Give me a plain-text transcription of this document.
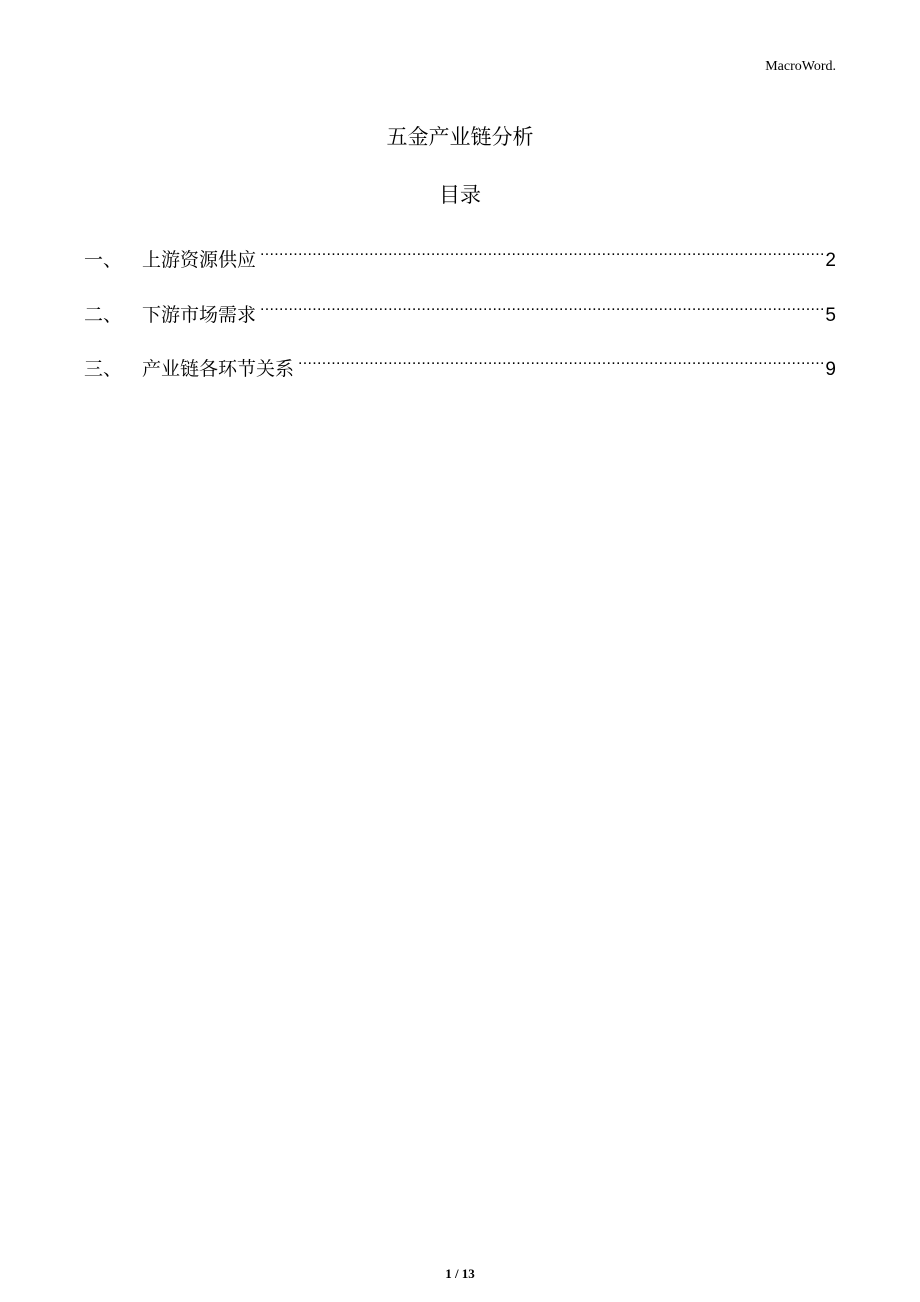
MacroWord.
五金产业链分析
目录
一、	上游资源供应 .....	2
二、	下游市场需求 .....	5
三、	产业链各环节关系 .....	9
1 / 13
